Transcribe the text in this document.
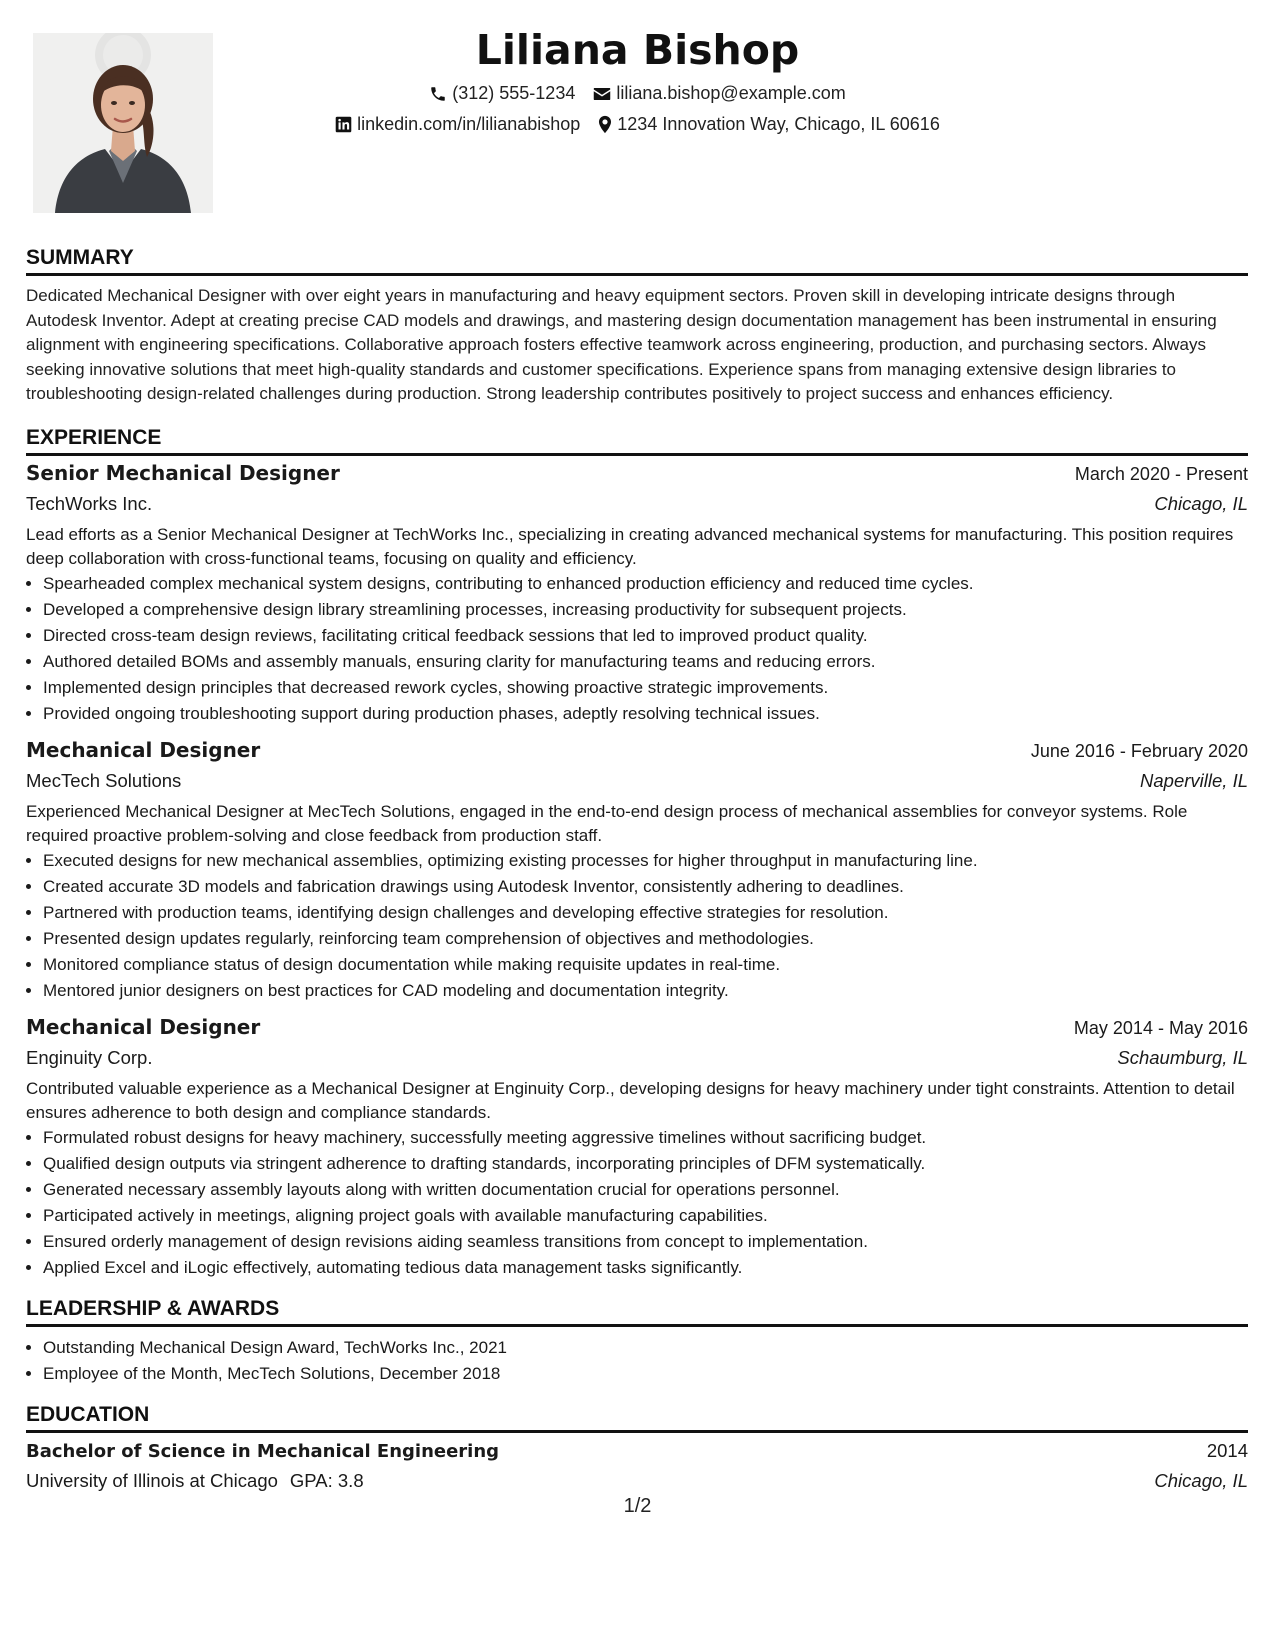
Liliana Bishop
(312) 555-1234 liliana.bishop@example.com
linkedin.com/in/lilianabishop 1234 Innovation Way, Chicago, IL 60616
SUMMARY

Dedicated Mechanical Designer with over eight years in manufacturing and heavy equipment sectors. Proven skill in developing intricate designs through Autodesk Inventor. Adept at creating precise CAD models and drawings, and mastering design documentation management has been instrumental in ensuring alignment with engineering specifications. Collaborative approach fosters effective teamwork across engineering, production, and purchasing sectors. Always seeking innovative solutions that meet high-quality standards and customer specifications. Experience spans from managing extensive design libraries to troubleshooting design-related challenges during production. Strong leadership contributes positively to project success and enhances efficiency.

EXPERIENCE
Senior Mechanical Designer	March 2020 - Present
TechWorks Inc.	Chicago, IL
Lead efforts as a Senior Mechanical Designer at TechWorks Inc., specializing in creating advanced mechanical systems for manufacturing. This position requires deep collaboration with cross-functional teams, focusing on quality and efficiency.
• Spearheaded complex mechanical system designs, contributing to enhanced production efficiency and reduced time cycles.
• Developed a comprehensive design library streamlining processes, increasing productivity for subsequent projects.
• Directed cross-team design reviews, facilitating critical feedback sessions that led to improved product quality.
• Authored detailed BOMs and assembly manuals, ensuring clarity for manufacturing teams and reducing errors.
• Implemented design principles that decreased rework cycles, showing proactive strategic improvements.
• Provided ongoing troubleshooting support during production phases, adeptly resolving technical issues.
Mechanical Designer	June 2016 - February 2020
MecTech Solutions	Naperville, IL
Experienced Mechanical Designer at MecTech Solutions, engaged in the end-to-end design process of mechanical assemblies for conveyor systems. Role required proactive problem-solving and close feedback from production staff.
• Executed designs for new mechanical assemblies, optimizing existing processes for higher throughput in manufacturing line.
• Created accurate 3D models and fabrication drawings using Autodesk Inventor, consistently adhering to deadlines.
• Partnered with production teams, identifying design challenges and developing effective strategies for resolution.
• Presented design updates regularly, reinforcing team comprehension of objectives and methodologies.
• Monitored compliance status of design documentation while making requisite updates in real-time.
• Mentored junior designers on best practices for CAD modeling and documentation integrity.
Mechanical Designer	May 2014 - May 2016
Enginuity Corp.	Schaumburg, IL
Contributed valuable experience as a Mechanical Designer at Enginuity Corp., developing designs for heavy machinery under tight constraints. Attention to detail ensures adherence to both design and compliance standards.
• Formulated robust designs for heavy machinery, successfully meeting aggressive timelines without sacrificing budget.
• Qualified design outputs via stringent adherence to drafting standards, incorporating principles of DFM systematically.
• Generated necessary assembly layouts along with written documentation crucial for operations personnel.
• Participated actively in meetings, aligning project goals with available manufacturing capabilities.
• Ensured orderly management of design revisions aiding seamless transitions from concept to implementation.
• Applied Excel and iLogic effectively, automating tedious data management tasks significantly.
LEADERSHIP & AWARDS
• Outstanding Mechanical Design Award, TechWorks Inc., 2021
• Employee of the Month, MecTech Solutions, December 2018
EDUCATION
Bachelor of Science in Mechanical Engineering	2014
University of Illinois at Chicago GPA: 3.8	Chicago, IL
1/2
